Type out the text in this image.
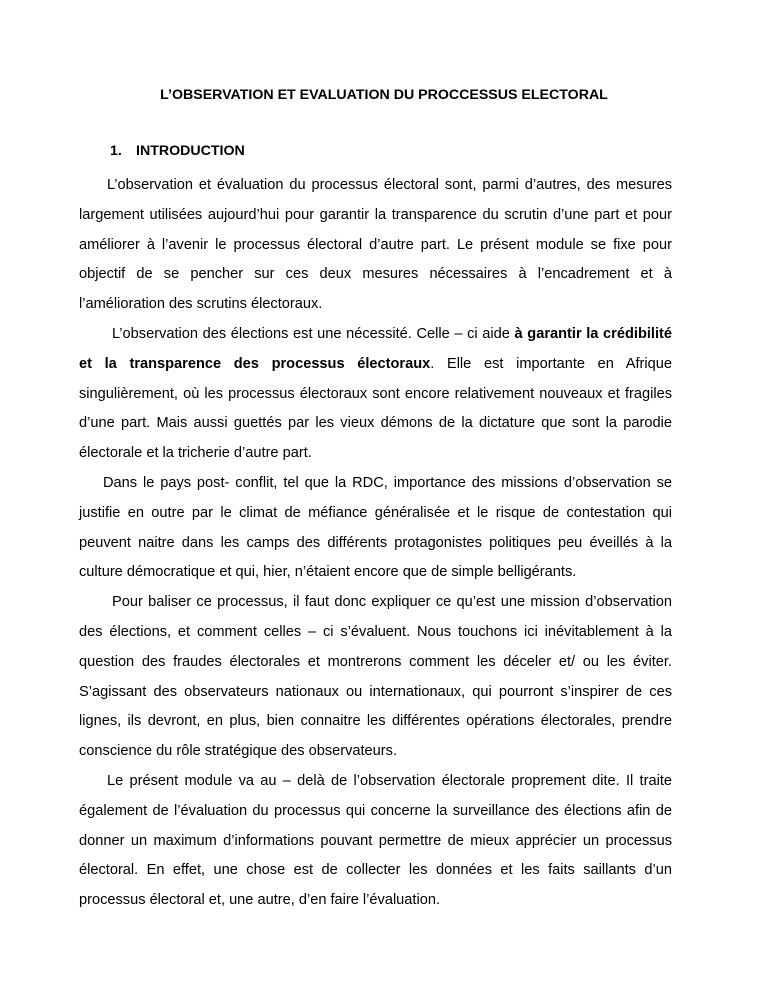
L’OBSERVATION ET EVALUATION DU PROCCESSUS ELECTORAL
1. INTRODUCTION

L’observation et évaluation du processus électoral sont, parmi d’autres, des mesures largement utilisées aujourd’hui pour garantir la transparence du scrutin d’une part et pour améliorer à l’avenir le processus électoral d’autre part. Le présent module se fixe pour objectif de se pencher sur ces deux mesures nécessaires à l’encadrement et à l’amélioration des scrutins électoraux.

L’observation des élections est une nécessité. Celle – ci aide à garantir la crédibilité et la transparence des processus électoraux. Elle est importante en Afrique singulièrement, où les processus électoraux sont encore relativement nouveaux et fragiles d’une part. Mais aussi guettés par les vieux démons de la dictature que sont la parodie électorale et la tricherie d’autre part.

Dans le pays post- conflit, tel que la RDC, importance des missions d’observation se justifie en outre par le climat de méfiance généralisée et le risque de contestation qui peuvent naitre dans les camps des différents protagonistes politiques peu éveillés à la culture démocratique et qui, hier, n’étaient encore que de simple belligérants.

Pour baliser ce processus, il faut donc expliquer ce qu’est une mission d’observation des élections, et comment celles – ci s’évaluent. Nous touchons ici inévitablement à la question des fraudes électorales et montrerons comment les déceler et/ ou les éviter. S’agissant des observateurs nationaux ou internationaux, qui pourront s’inspirer de ces lignes, ils devront, en plus, bien connaitre les différentes opérations électorales, prendre conscience du rôle stratégique des observateurs.

Le présent module va au – delà de l’observation électorale proprement dite. Il traite également de l’évaluation du processus qui concerne la surveillance des élections afin de donner un maximum d’informations pouvant permettre de mieux apprécier un processus électoral. En effet, une chose est de collecter les données et les faits saillants d’un processus électoral et, une autre, d’en faire l’évaluation.
